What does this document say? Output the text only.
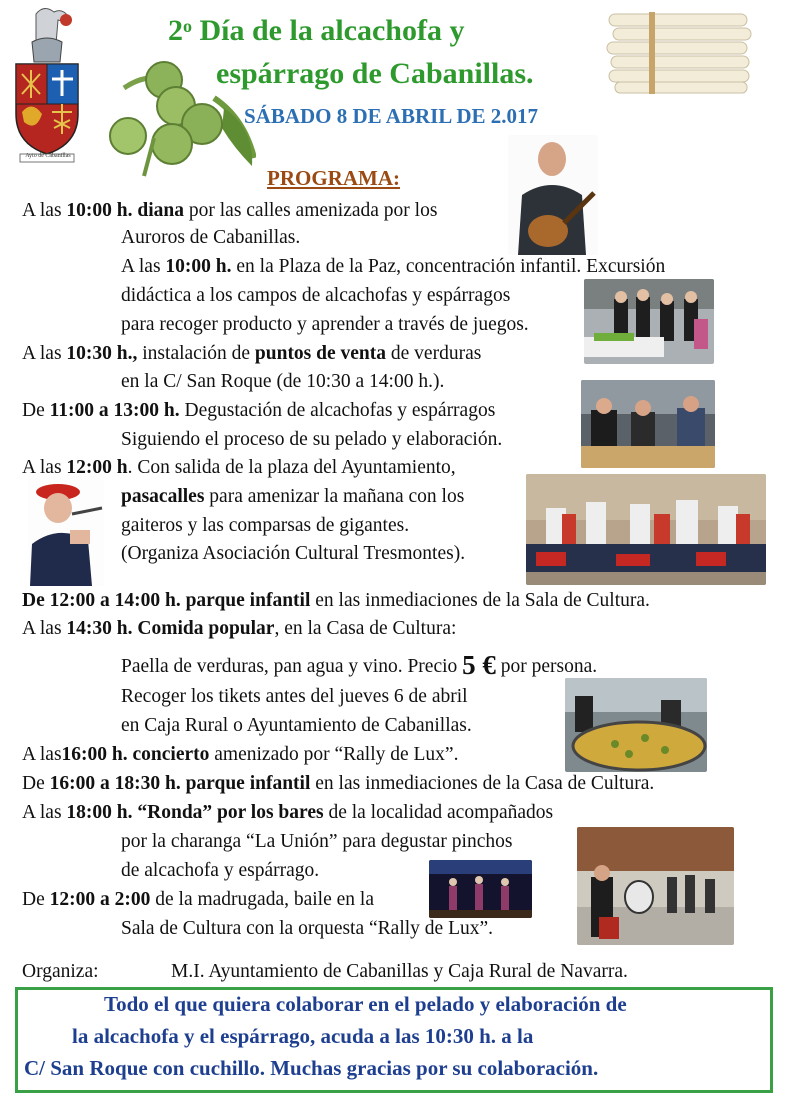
Ayto de Cabanillas
2$^o$ Día de la alcachofa y
espárrago de Cabanillas.
SÁBADO 8 DE ABRIL DE 2.017
PROGRAMA:
A las 10:00 h. diana por las calles amenizada por los
Auroros de Cabanillas.
A las 10:00 h. en la Plaza de la Paz, concentración infantil. Excursión
didáctica a los campos de alcachofas y espárragos
para recoger producto y aprender a través de juegos.
A las 10:30 h., instalación de puntos de venta de verduras
en la C/ San Roque (de 10:30 a 14:00 h.).
De 11:00 a 13:00 h. Degustación de alcachofas y espárragos
Siguiendo el proceso de su pelado y elaboración.
A las 12:00 h. Con salida de la plaza del Ayuntamiento,
pasacalles para amenizar la mañana con los
gaiteros y las comparsas de gigantes.
(Organiza Asociación Cultural Tresmontes).
De 12:00 a 14:00 h. parque infantil en las inmediaciones de la Sala de Cultura.
A las 14:30 h. Comida popular, en la Casa de Cultura:
Paella de verduras, pan agua y vino. Precio 5 € por persona.
Recoger los tikets antes del jueves 6 de abril
en Caja Rural o Ayuntamiento de Cabanillas.
A las16:00 h. concierto amenizado por “Rally de Lux”.
De 16:00 a 18:30 h. parque infantil en las inmediaciones de la Casa de Cultura.
A las 18:00 h. “Ronda” por los bares de la localidad acompañados
por la charanga “La Unión” para degustar pinchos
de alcachofa y espárrago.
De 12:00 a 2:00 de la madrugada, baile en la
Sala de Cultura con la orquesta “Rally de Lux”.
Organiza:	M.I. Ayuntamiento de Cabanillas y Caja Rural de Navarra.
Todo el que quiera colaborar en el pelado y elaboración de
la alcachofa y el espárrago, acuda a las 10:30 h. a la
C/ San Roque con cuchillo. Muchas gracias por su colaboración.
